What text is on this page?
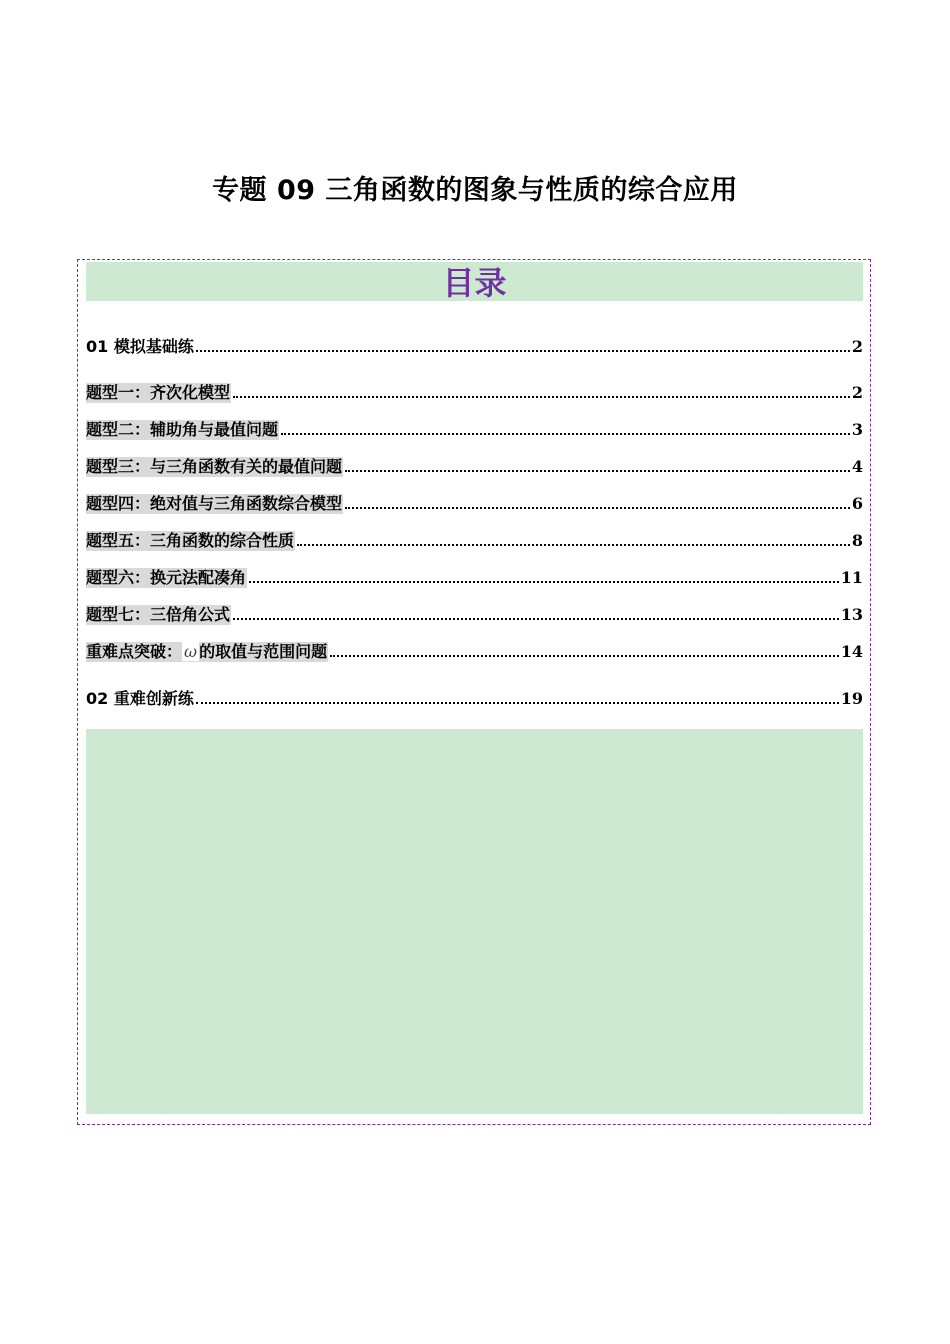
专题 09 三角函数的图象与性质的综合应用
目录
01 模拟基础练	2
题型一：齐次化模型	2
题型二：辅助角与最值问题	3
题型三：与三角函数有关的最值问题	4
题型四：绝对值与三角函数综合模型	6
题型五：三角函数的综合性质	8
题型六：换元法配凑角	11
题型七：三倍角公式	13
重难点突破： ω 的取值与范围问题	14
02 重难创新练	19
